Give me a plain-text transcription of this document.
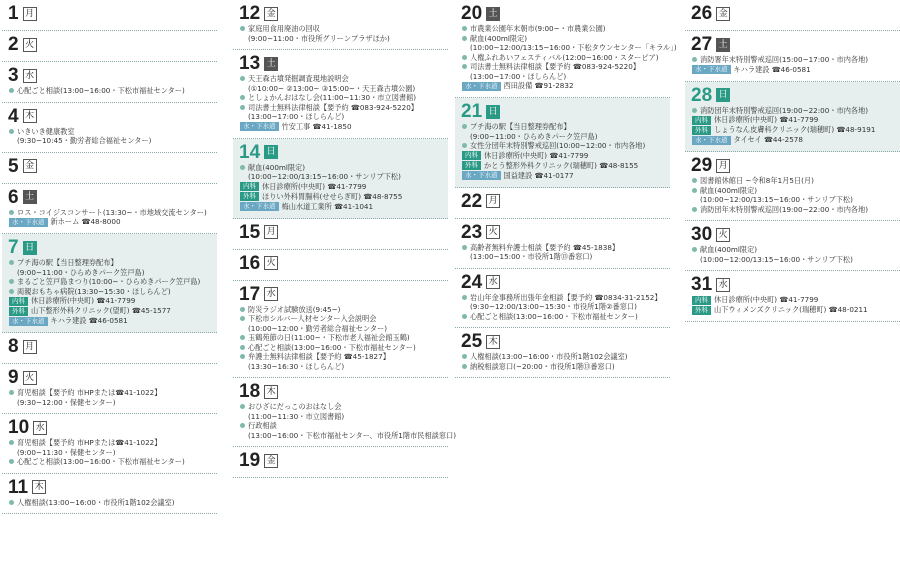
1 月
2 火
3 水
心配ごと相談(13:00~16:00・下松市福祉センター)
4 木
いきいき健康教室
(9:30~10:45・勤労者総合福祉センター)
5 金
6 土
ロス・コイジスコンサート(13:30~・市地域交流センター)
水・下水道 新ホーム ☎48-8000
7 日
プチ海の駅【当日整理券配布】
(9:00~11:00・ひらめきパーク笠戸島)
まるごと笠戸島まつり(10:00~・ひらめきパーク笠戸島)
両親おもちゃ病院(13:30~15:30・ほしらんど)
内科 休日診療所(中央町) ☎41-7799
外科 山下整形外科クリニック(望町) ☎45-1577
水・下水道 キハラ建設 ☎46-0581
8 月
9 火
育児相談【要予約 市HPまたは☎41-1022】
(9:30~12:00・保健センター)
10 水
育児相談【要予約 市HPまたは☎41-1022】
(9:00~11:30・保健センター)
心配ごと相談(13:00~16:00・下松市福祉センター)
11 木
人権相談(13:00~16:00・市役所1階102会議室)
12 金
家庭用食用廃油の回収
(9:00~11:00・市役所グリーンプラザほか)
13 土
天王森古墳発掘調査現地説明会
(①10:00~ ②13:00~ ③15:00~・天王森古墳公園)
としょかんおはなし会(11:00~11:30・市立図書館)
司法書士無料法律相談【要予約 ☎083-924-5220】
(13:00~17:00・ほしらんど)
水・下水道 竹安工事 ☎41-1850
14 日
献血(400ml限定)
(10:00~12:00/13:15~16:00・サンリブ下松)
内科 休日診療所(中央町) ☎41-7799
外科 ほりい外科胃腸科(せせらぎ町) ☎48-8755
水・下水道 梅山水道工業所 ☎41-1041
15 月
16 火
17 水
防災ラジオ試験放送(9:45~)
下松市シルバー人材センター入会説明会
(10:00~12:00・勤労者総合福祉センター)
玉鶴苑節の日(11:00~・下松市老人福祉会館玉鶴)
心配ごと相談(13:00~16:00・下松市福祉センター)
弁護士無料法律相談【要予約 ☎45-1827】
(13:30~16:30・ほしらんど)
18 木
おひざにだっこのおはなし会
(11:00~11:30・市立図書館)
行政相談
(13:00~16:00・下松市福祉センター、市役所1階市民相談窓口)
19 金
20 土
市農業公園年末朝市(9:00~・市農業公園)
献血(400ml限定)
(10:00~12:00/13:15~16:00・下松タウンセンター「キラル」)
人権ふれあいフェスティバル(12:00~16:00・スターピア)
司法書士無料法律相談【要予約 ☎083-924-5220】
(13:00~17:00・ほしらんど)
水・下水道 西田設備 ☎91-2832
21 日
プチ海の駅【当日整理券配布】
(9:00~11:00・ひらめきパーク笠戸島)
女性分団年末特別警戒巡回(10:00~12:00・市内各地)
内科 休日診療所(中央町) ☎41-7799
外科 かとう整形外科クリニック(瑞穂町) ☎48-8155
水・下水道 国益建設 ☎41-0177
22 月
23 火
高齢者無料弁護士相談【要予約 ☎45-1838】
(13:00~15:00・市役所1階⑬番窓口)
24 水
岩山年金事務所出張年金相談【要予約 ☎0834-31-2152】
(9:30~12:00/13:00~15:30・市役所1階②番窓口)
心配ごと相談(13:00~16:00・下松市福祉センター)
25 木
人権相談(13:00~16:00・市役所1階102会議室)
納税相談窓口(~20:00・市役所1階⑬番窓口)
26 金
27 土
消防署年末特別警戒巡回(15:00~17:00・市内各地)
水・下水道 キハラ建設 ☎46-0581
28 日
消防団年末特別警戒巡回(19:00~22:00・市内各地)
内科 休日診療所(中央町) ☎41-7799
外科 しょうなん皮膚科クリニック(瑞穂町) ☎48-9191
水・下水道 タイセイ ☎44-2578
29 月
図書館休館日 ~令和8年1月5日(月)
献血(400ml限定)
(10:00~12:00/13:15~16:00・サンリブ下松)
消防団年末特別警戒巡回(19:00~22:00・市内各地)
30 火
献血(400ml限定)
(10:00~12:00/13:15~16:00・サンリブ下松)
31 水
内科 休日診療所(中央町) ☎41-7799
外科 山下ウィメンズクリニック(瑞穂町) ☎48-0211
